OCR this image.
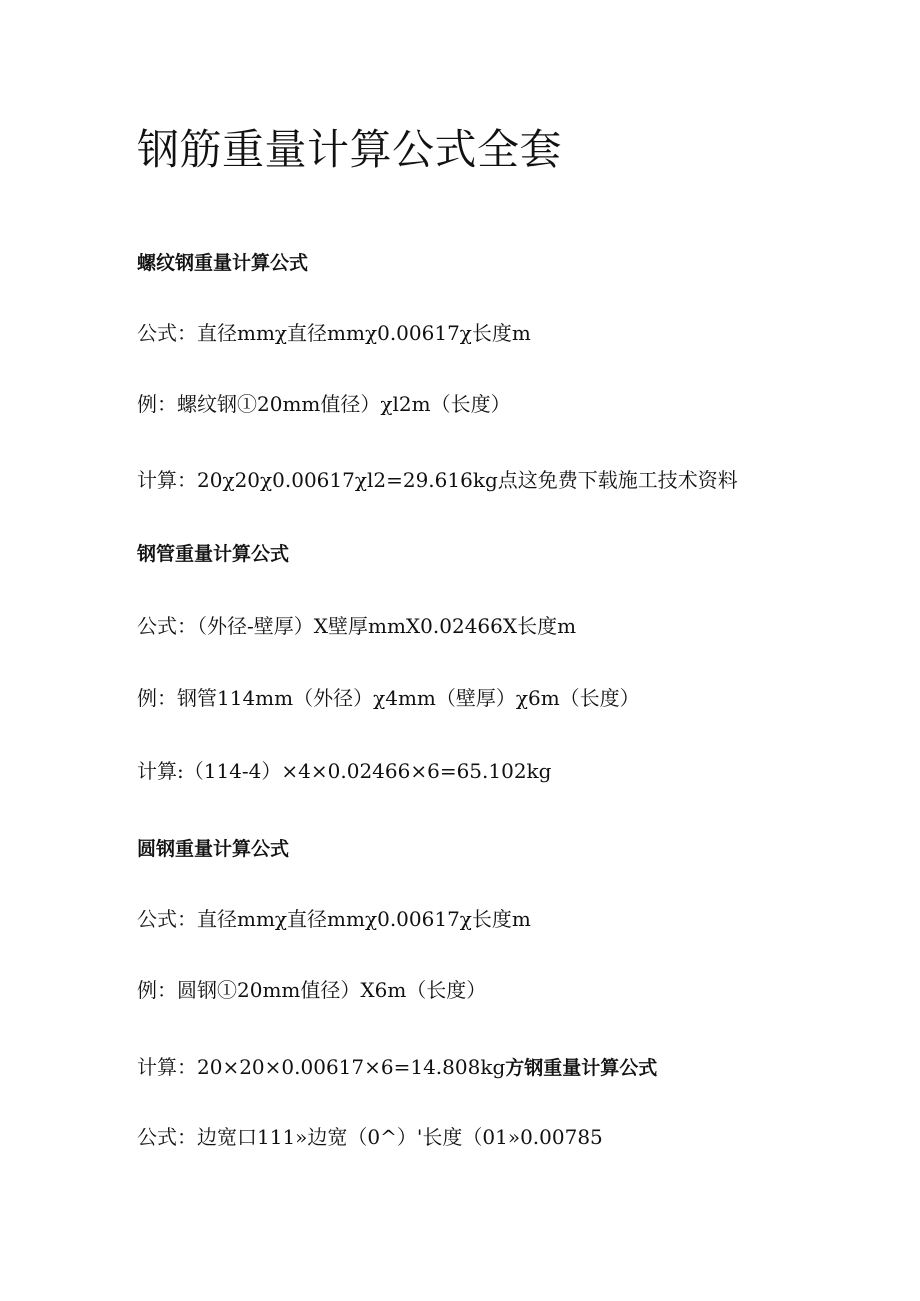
钢筋重量计算公式全套
螺纹钢重量计算公式
公式：直径mmχ直径mmχ0.00617χ长度m
例：螺纹钢①20mm值径）χl2m（长度）
计算：20χ20χ0.00617χl2=29.616kg点这免费下载施工技术资料
钢管重量计算公式
公式：（外径-壁厚）X壁厚mmX0.02466X长度m
例：钢管114mm（外径）χ4mm（壁厚）χ6m（长度）
计算:（114-4）×4×0.02466×6=65.102kg
圆钢重量计算公式
公式：直径mmχ直径mmχ0.00617χ长度m
例：圆钢①20mm值径）X6m（长度）
计算：20×20×0.00617×6=14.808kg方钢重量计算公式
公式：边宽口111»边宽（0^）'长度（01»0.00785
